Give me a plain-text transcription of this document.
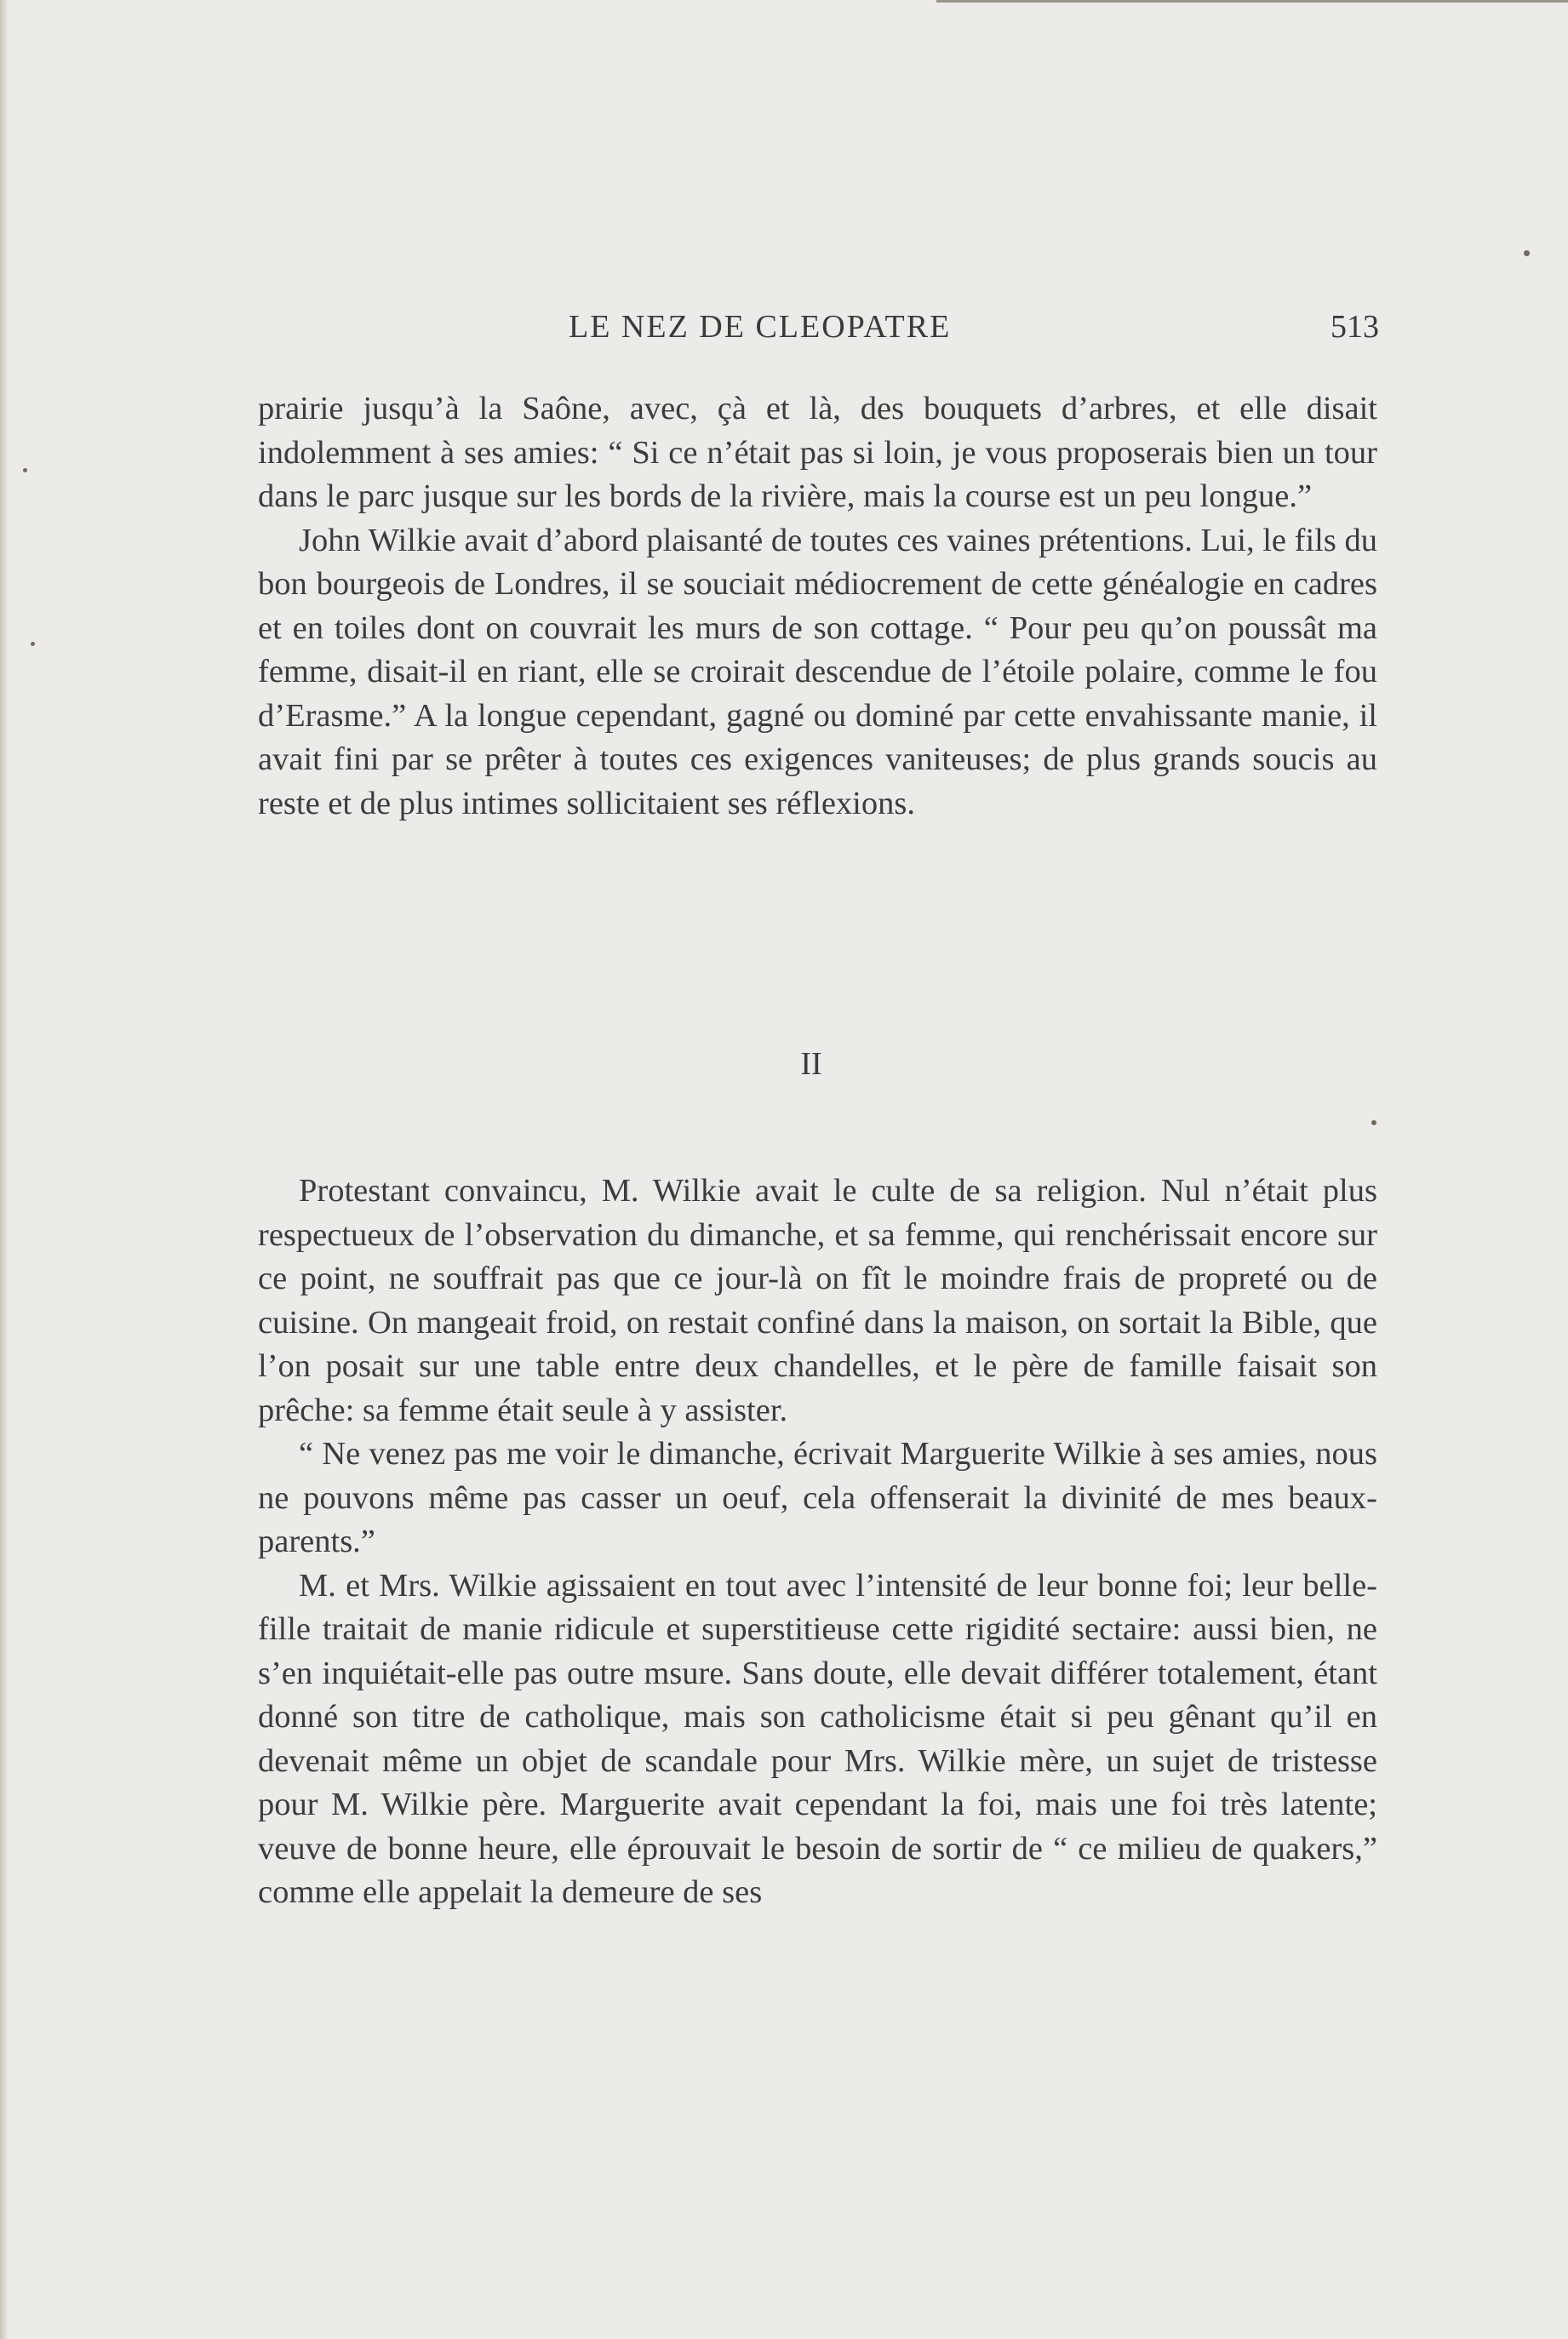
LE NEZ DE CLEOPATRE	513

prairie jusqu’à la Saône, avec, çà et là, des bouquets d’arbres, et elle disait indolemment à ses amies: “ Si ce n’était pas si loin, je vous proposerais bien un tour dans le parc jusque sur les bords de la rivière, mais la course est un peu longue.”

John Wilkie avait d’abord plaisanté de toutes ces vaines prétentions. Lui, le fils du bon bourgeois de Londres, il se souciait médiocrement de cette généalogie en cadres et en toiles dont on couvrait les murs de son cottage. “ Pour peu qu’on poussât ma femme, disait-il en riant, elle se croirait descendue de l’étoile polaire, comme le fou d’Erasme.” A la longue cependant, gagné ou dominé par cette envahissante manie, il avait fini par se prêter à toutes ces exigences vaniteuses; de plus grands soucis au reste et de plus intimes sollicitaient ses réflexions.

II

Protestant convaincu, M. Wilkie avait le culte de sa religion. Nul n’était plus respectueux de l’observation du dimanche, et sa femme, qui renchérissait encore sur ce point, ne souffrait pas que ce jour-là on fît le moindre frais de propreté ou de cuisine. On mangeait froid, on restait confiné dans la maison, on sortait la Bible, que l’on posait sur une table entre deux chandelles, et le père de famille faisait son prêche: sa femme était seule à y assister.

“ Ne venez pas me voir le dimanche, écrivait Marguerite Wilkie à ses amies, nous ne pouvons même pas casser un oeuf, cela offenserait la divinité de mes beaux-parents.”

M. et Mrs. Wilkie agissaient en tout avec l’intensité de leur bonne foi; leur belle-fille traitait de manie ridicule et superstitieuse cette rigidité sectaire: aussi bien, ne s’en inquiétait-elle pas outre msure. Sans doute, elle devait différer totalement, étant donné son titre de catholique, mais son catholicisme était si peu gênant qu’il en devenait même un objet de scandale pour Mrs. Wilkie mère, un sujet de tristesse pour M. Wilkie père. Marguerite avait cependant la foi, mais une foi très latente; veuve de bonne heure, elle éprouvait le besoin de sortir de “ ce milieu de quakers,” comme elle appelait la demeure de ses
